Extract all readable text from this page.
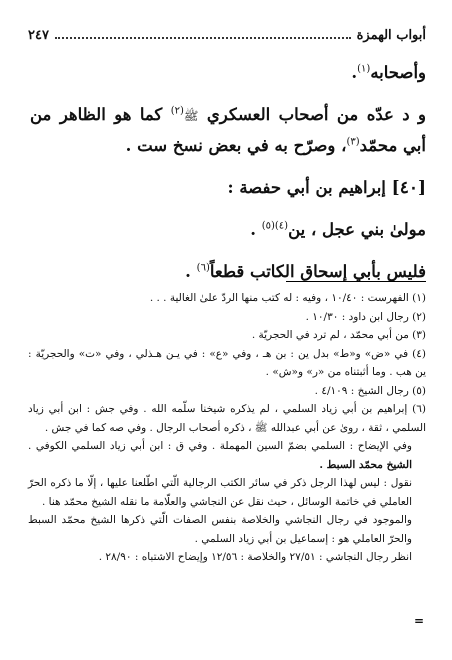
أبواب الهمزة
٢٤٧

وأصحابه$^{(١)}$.

و د عدّه من أصحاب العسكري ﷺ$^{(٢)}$ كما هو الظاهر من أبي محمّد$^{(٣)}$، وصرّح به في بعض نسخ ست .

[٤٠] إبراهيم بن أبي حفصة :

مولىٰ بني عجل ، ين$^{(٤)(٥)}$ .

فليس بأبي إسحاق الكاتب قطعاً$^{(٦)}$ .

(١) الفهرست : ١٠/٤٠ ، وفيه : له كتب منها الردّ علىٰ الغالية . . .

(٢) رجال ابن داود : ١٠/٣٠ .

(٣) من أبي محمّد ، لم ترد في الحجريّة .

(٤) في «ض» و«ط» بدل ين : بن هـ ، وفي «ع» : في يـن هـذلي ، وفي «ت» والحجريّة : ين هب . وما أثبتناه من «ر» و«ش» .

(٥) رجال الشيخ : ٤/١٠٩ .

(٦) إبراهيم بن أبي زياد السلمي ، لم يذكره شيخنا سلّمه الله . وفي جش : ابن أبي زياد السلمي ، ثقة ، روىٰ عن أبي عبدالله ﷺ ، ذكره أصحاب الرجال . وفي صه كما في جش .

وفي الإيضاح : السلمي بضمّ السين المهملة . وفي ق : ابن أبي زياد السلمي الكوفي . الشيخ محمّد السبط .

نقول : ليس لهذا الرجل ذكر في سائر الكتب الرجالية الّتي اطّلعنا عليها ، إلّا ما ذكره الحرّ العاملي في خاتمة الوسائل ، حيث نقل عن النجاشي والعلّامة ما نقله الشيخ محمّد هنا .

والموجود في رجال النجاشي والخلاصة بنفس الصفات الّتي ذكرها الشيخ محمّد السبط والحرّ العاملي هو : إسماعيل بن أبي زياد السلمي .

انظر رجال النجاشي : ٢٧/٥١ والخلاصة : ١٢/٥٦ وإيضاح الاشتباه : ٢٨/٩٠ .

=
